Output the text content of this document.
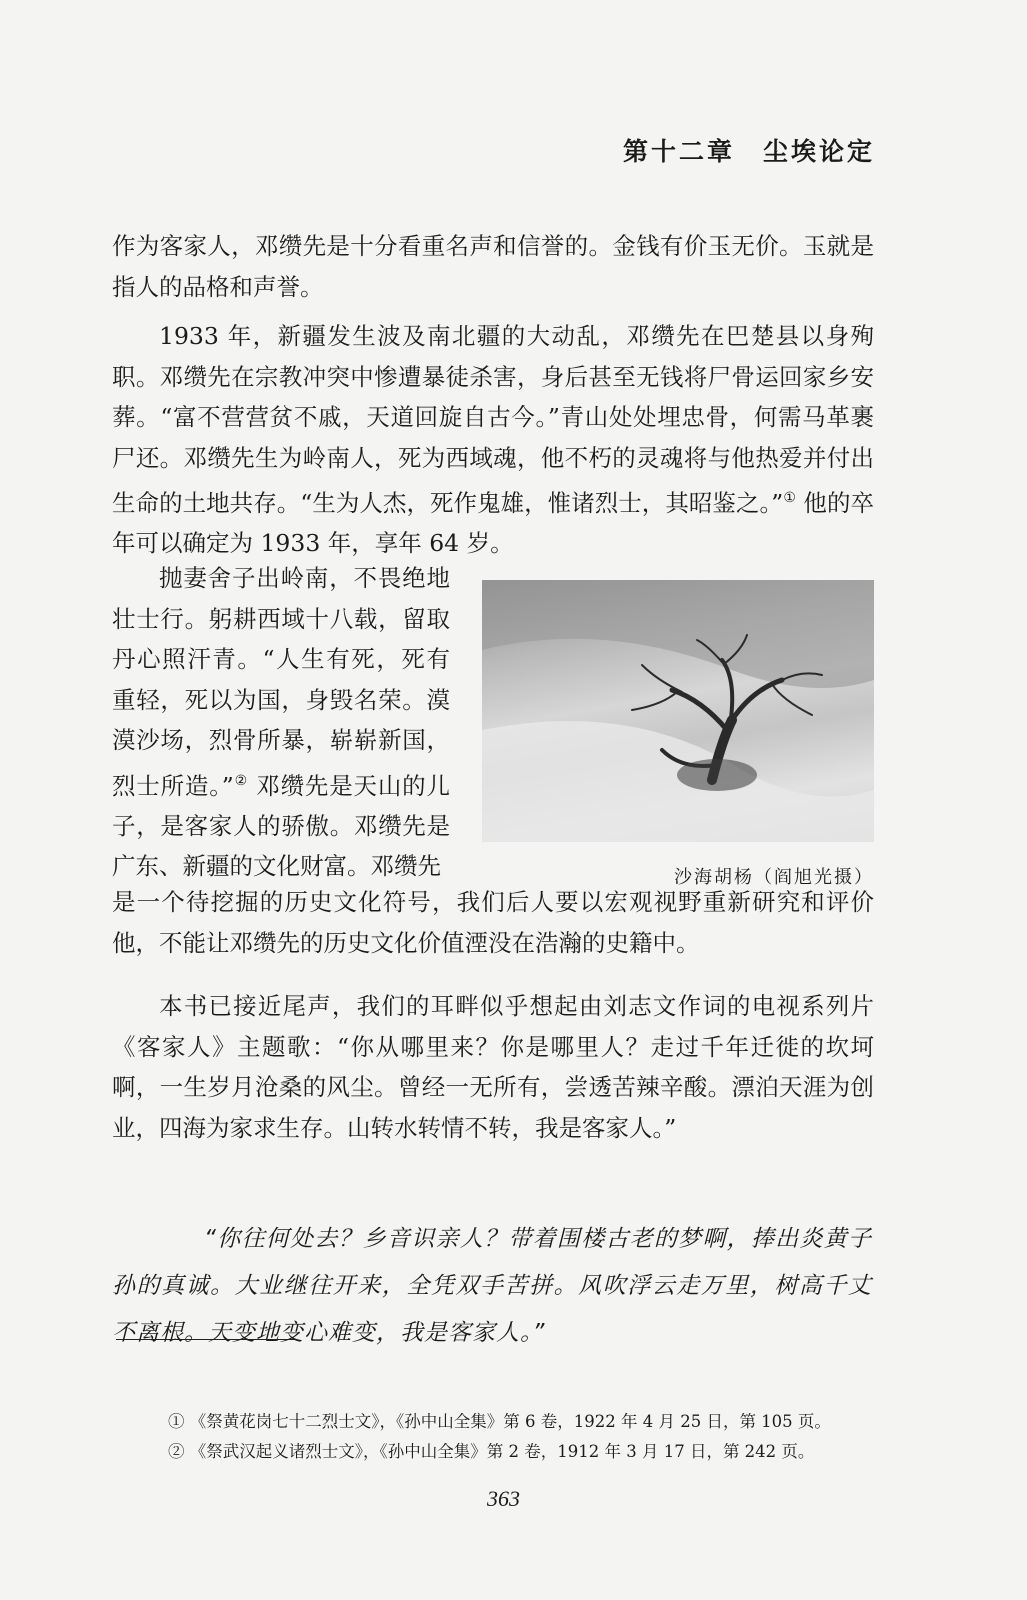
第十二章　尘埃论定

作为客家人，邓缵先是十分看重名声和信誉的。金钱有价玉无价。玉就是指人的品格和声誉。

1933 年，新疆发生波及南北疆的大动乱，邓缵先在巴楚县以身殉职。邓缵先在宗教冲突中惨遭暴徒杀害，身后甚至无钱将尸骨运回家乡安葬。“富不营营贫不戚，天道回旋自古今。”青山处处埋忠骨，何需马革裹尸还。邓缵先生为岭南人，死为西域魂，他不朽的灵魂将与他热爱并付出生命的土地共存。“生为人杰，死作鬼雄，惟诸烈士，其昭鉴之。”① 他的卒年可以确定为 1933 年，享年 64 岁。

抛妻舍子出岭南，不畏绝地壮士行。躬耕西域十八载，留取丹心照汗青。“人生有死，死有重轻，死以为国，身毁名荣。漠漠沙场，烈骨所暴，崭崭新国，烈士所造。”② 邓缵先是天山的儿子，是客家人的骄傲。邓缵先是广东、新疆的文化财富。邓缵先	沙海胡杨（阎旭光摄）

是一个待挖掘的历史文化符号，我们后人要以宏观视野重新研究和评价他，不能让邓缵先的历史文化价值湮没在浩瀚的史籍中。

本书已接近尾声，我们的耳畔似乎想起由刘志文作词的电视系列片《客家人》主题歌：“你从哪里来？你是哪里人？走过千年迁徙的坎坷啊，一生岁月沧桑的风尘。曾经一无所有，尝透苦辣辛酸。漂泊天涯为创业，四海为家求生存。山转水转情不转，我是客家人。”

“你往何处去？乡音识亲人？带着围楼古老的梦啊，捧出炎黄子孙的真诚。大业继往开来，全凭双手苦拼。风吹浮云走万里，树高千丈不离根。天变地变心难变，我是客家人。”

① 《祭黄花岗七十二烈士文》，《孙中山全集》第 6 卷，1922 年 4 月 25 日，第 105 页。

② 《祭武汉起义诸烈士文》，《孙中山全集》第 2 卷，1912 年 3 月 17 日，第 242 页。

363
